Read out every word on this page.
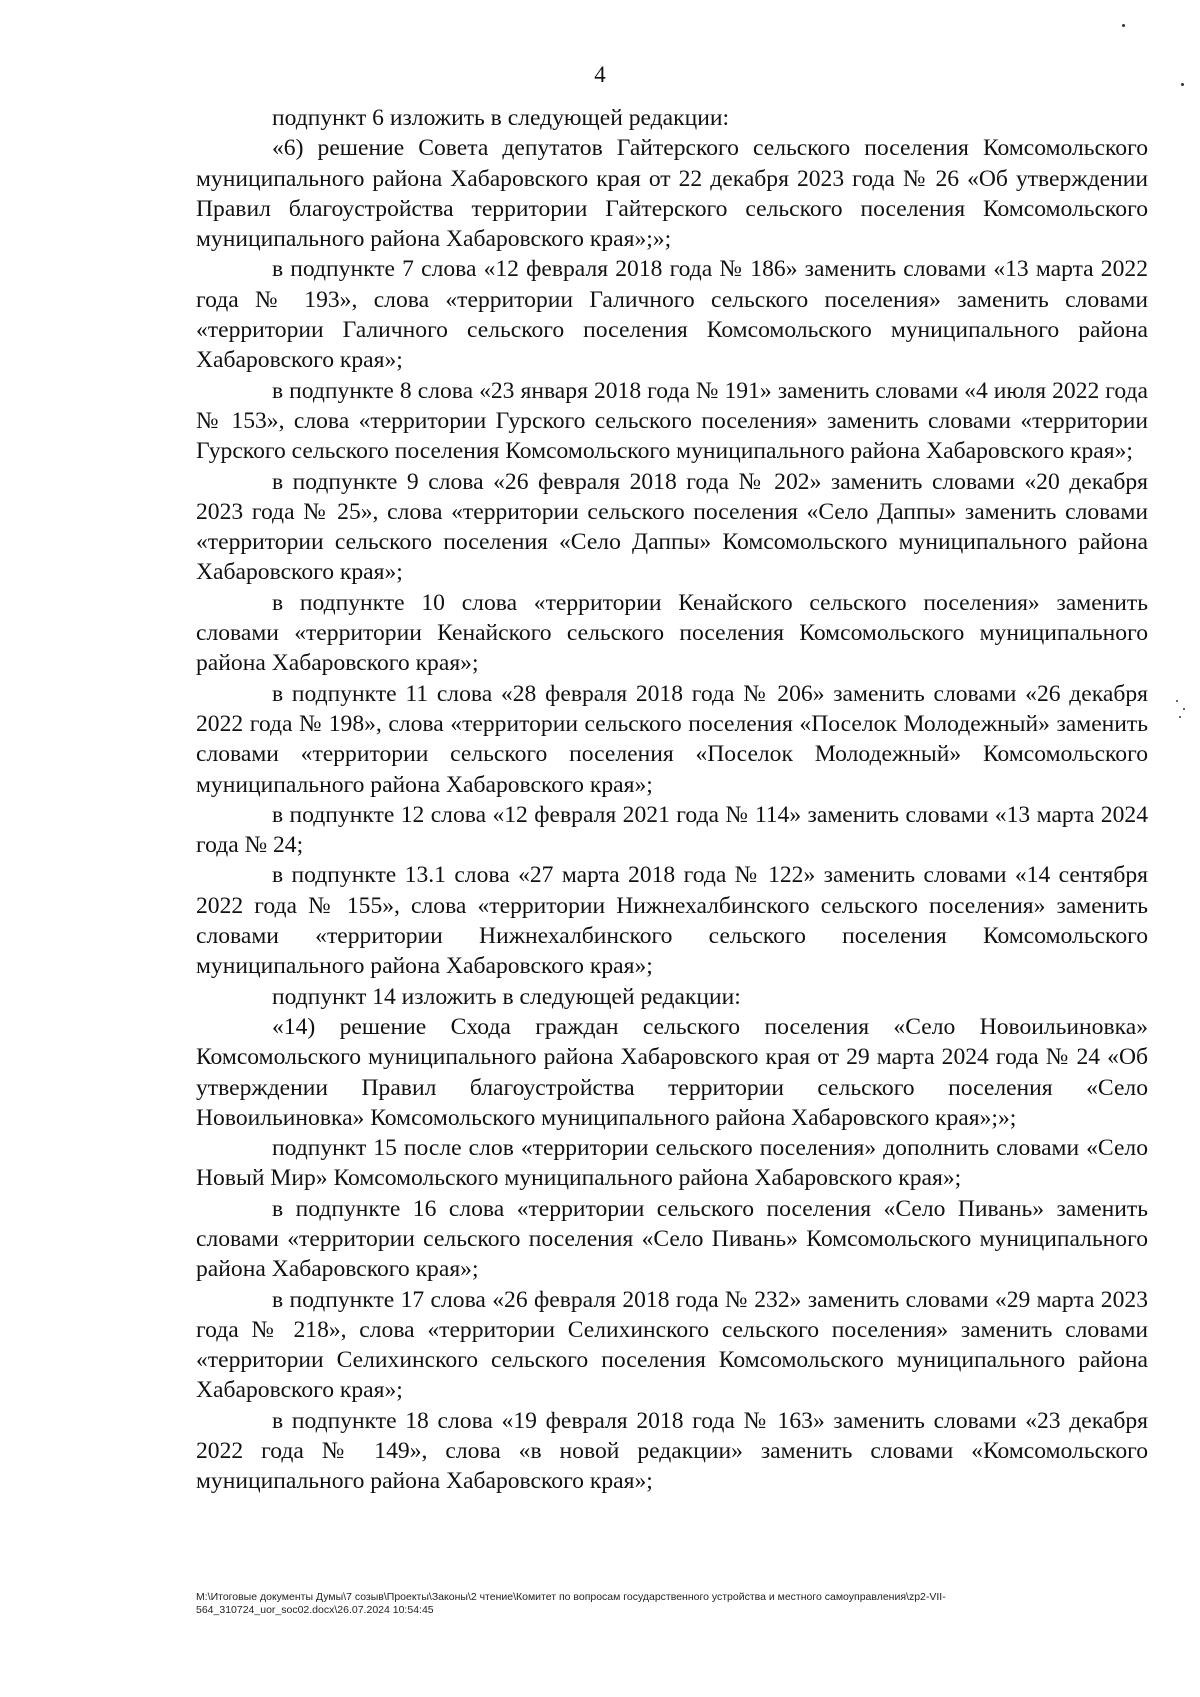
4

подпункт 6 изложить в следующей редакции:

«6) решение Совета депутатов Гайтерского сельского поселения Комсомольского муниципального района Хабаровского края от 22 декабря 2023 года № 26 «Об утверждении Правил благоустройства территории Гайтерского сельского поселения Комсомольского муниципального района Хабаровского края»;»;

в подпункте 7 слова «12 февраля 2018 года № 186» заменить словами «13 марта 2022 года № 193», слова «территории Галичного сельского поселения» заменить словами «территории Галичного сельского поселения Комсомольского муниципального района Хабаровского края»;

в подпункте 8 слова «23 января 2018 года № 191» заменить словами «4 июля 2022 года № 153», слова «территории Гурского сельского поселения» заменить словами «территории Гурского сельского поселения Комсомольского муниципального района Хабаровского края»;

в подпункте 9 слова «26 февраля 2018 года № 202» заменить словами «20 декабря 2023 года № 25», слова «территории сельского поселения «Село Даппы» заменить словами «территории сельского поселения «Село Даппы» Комсомольского муниципального района Хабаровского края»;

в подпункте 10 слова «территории Кенайского сельского поселения» заменить словами «территории Кенайского сельского поселения Комсомольского муниципального района Хабаровского края»;

в подпункте 11 слова «28 февраля 2018 года № 206» заменить словами «26 декабря 2022 года № 198», слова «территории сельского поселения «Поселок Молодежный» заменить словами «территории сельского поселения «Поселок Молодежный» Комсомольского муниципального района Хабаровского края»;

в подпункте 12 слова «12 февраля 2021 года № 114» заменить словами «13 марта 2024 года № 24;

в подпункте 13.1 слова «27 марта 2018 года № 122» заменить словами «14 сентября 2022 года № 155», слова «территории Нижнехалбинского сельского поселения» заменить словами «территории Нижнехалбинского сельского поселения Комсомольского муниципального района Хабаровского края»;

подпункт 14 изложить в следующей редакции:

«14) решение Схода граждан сельского поселения «Село Новоильиновка» Комсомольского муниципального района Хабаровского края от 29 марта 2024 года № 24 «Об утверждении Правил благоустройства территории сельского поселения «Село Новоильиновка» Комсомольского муниципального района Хабаровского края»;»;

подпункт 15 после слов «территории сельского поселения» дополнить словами «Село Новый Мир» Комсомольского муниципального района Хабаровского края»;

в подпункте 16 слова «территории сельского поселения «Село Пивань» заменить словами «территории сельского поселения «Село Пивань» Комсомольского муниципального района Хабаровского края»;

в подпункте 17 слова «26 февраля 2018 года № 232» заменить словами «29 марта 2023 года № 218», слова «территории Селихинского сельского поселения» заменить словами «территории Селихинского сельского поселения Комсомольского муниципального района Хабаровского края»;

в подпункте 18 слова «19 февраля 2018 года № 163» заменить словами «23 декабря 2022 года № 149», слова «в новой редакции» заменить словами «Комсомольского муниципального района Хабаровского края»;

М:\Итоговые документы Думы\7 созыв\Проекты\Законы\2 чтение\Комитет по вопросам государственного устройства и местного самоуправления\zp2-VII-
564_310724_uor_soc02.docx\26.07.2024 10:54:45
